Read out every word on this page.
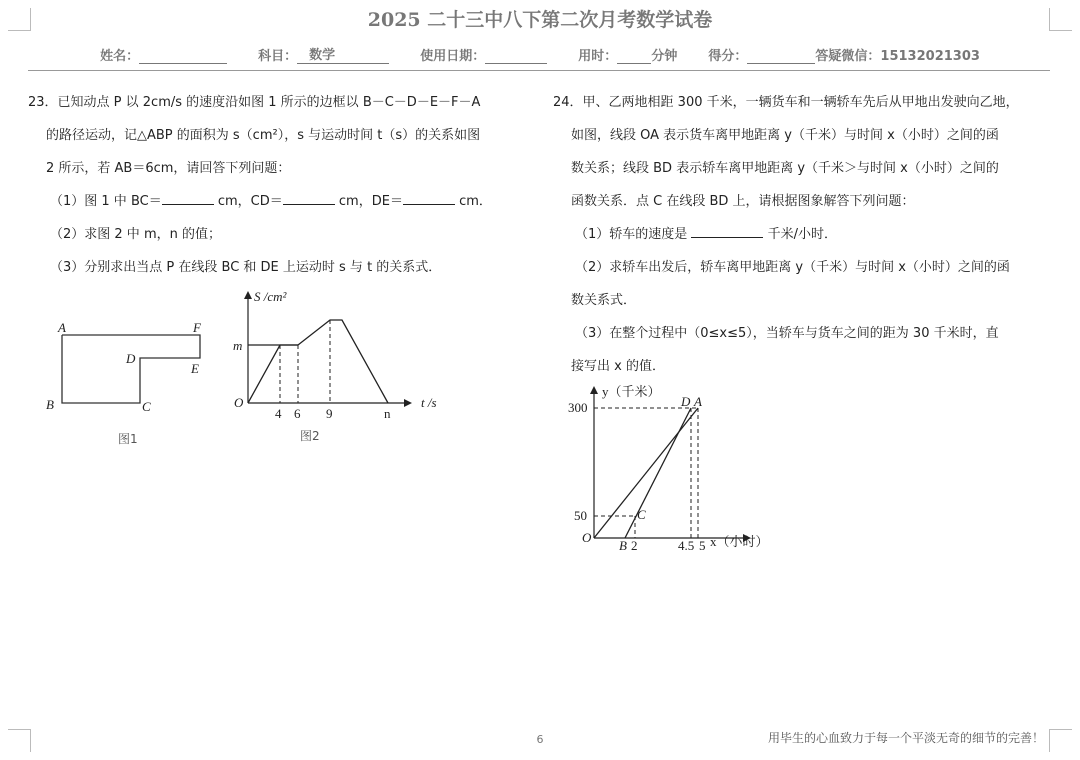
2025 二十三中八下第二次月考数学试卷
姓名：	科目： 数学	使用日期：	用时：	分钟 得分：	答疑微信：15132021303

23．已知动点 P 以 2cm/s 的速度沿如图 1 所示的边框以 B－C－D－E－F－A

的路径运动，记△ABP 的面积为 s（cm²），s 与运动时间 t（s）的关系如图

2 所示，若 AB＝6cm，请回答下列问题：

（1）图 1 中 BC＝	cm，CD＝	cm，DE＝	cm．

（2）求图 2 中 m，n 的值；

（3）分别求出当点 P 在线段 BC 和 DE 上运动时 s 与 t 的关系式．

A	F
D
E
B	C
图1
S /cm²
t /s
O
m
4 6 9	n
图2

24．甲、乙两地相距 300 千米，一辆货车和一辆轿车先后从甲地出发驶向乙地，

如图，线段 OA 表示货车离甲地距离 y（千米）与时间 x（小时）之间的函

数关系；线段 BD 表示轿车离甲地距离 y（千米＞与时间 x（小时）之间的

函数关系．点 C 在线段 BD 上，请根据图象解答下列问题：

（1）轿车的速度是	千米/小时．

（2）求轿车出发后，轿车离甲地距离 y（千米）与时间 x（小时）之间的函

数关系式．

（3）在整个过程中（0≤x≤5），当轿车与货车之间的距为 30 千米时，直

接写出 x 的值．

y（千米）
x（小时）
O
300
50
B 2	4.5 5
D A
C
6	用毕生的心血致力于每一个平淡无奇的细节的完善！
